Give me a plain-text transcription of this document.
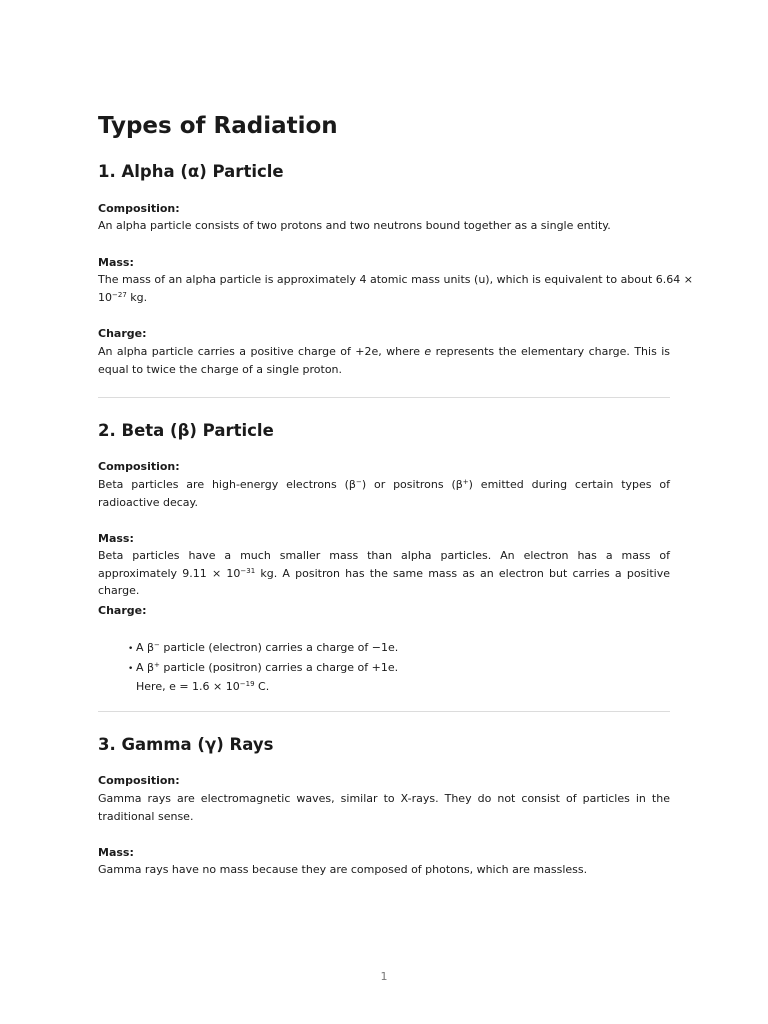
Types of Radiation
1. Alpha (α) Particle
Composition:

An alpha particle consists of two protons and two neutrons bound together as a single entity.

Mass:

The mass of an alpha particle is approximately 4 atomic mass units (u), which is equivalent to about 6.64 ×
$10^{-27}$ kg.

Charge:

An alpha particle carries a positive charge of +2e, where e represents the elementary charge. This is equal to twice the charge of a single proton.

2. Beta (β) Particle
Composition:

Beta particles are high-energy electrons (β−) or positrons (β+) emitted during certain types of radioactive decay.

Mass:

Beta particles have a much smaller mass than alpha particles. An electron has a mass of approximately $9.11 \times 10^{-31}$ kg. A positron has the same mass as an electron but carries a positive charge.

Charge:
• A β− particle (electron) carries a charge of −1e.
• A β+ particle (positron) carries a charge of +1e.
Here, $e = 1.6 \times 10^{-19}$ C.
3. Gamma (γ) Rays
Composition:

Gamma rays are electromagnetic waves, similar to X-rays. They do not consist of particles in the traditional sense.

Mass:

Gamma rays have no mass because they are composed of photons, which are massless.

1
